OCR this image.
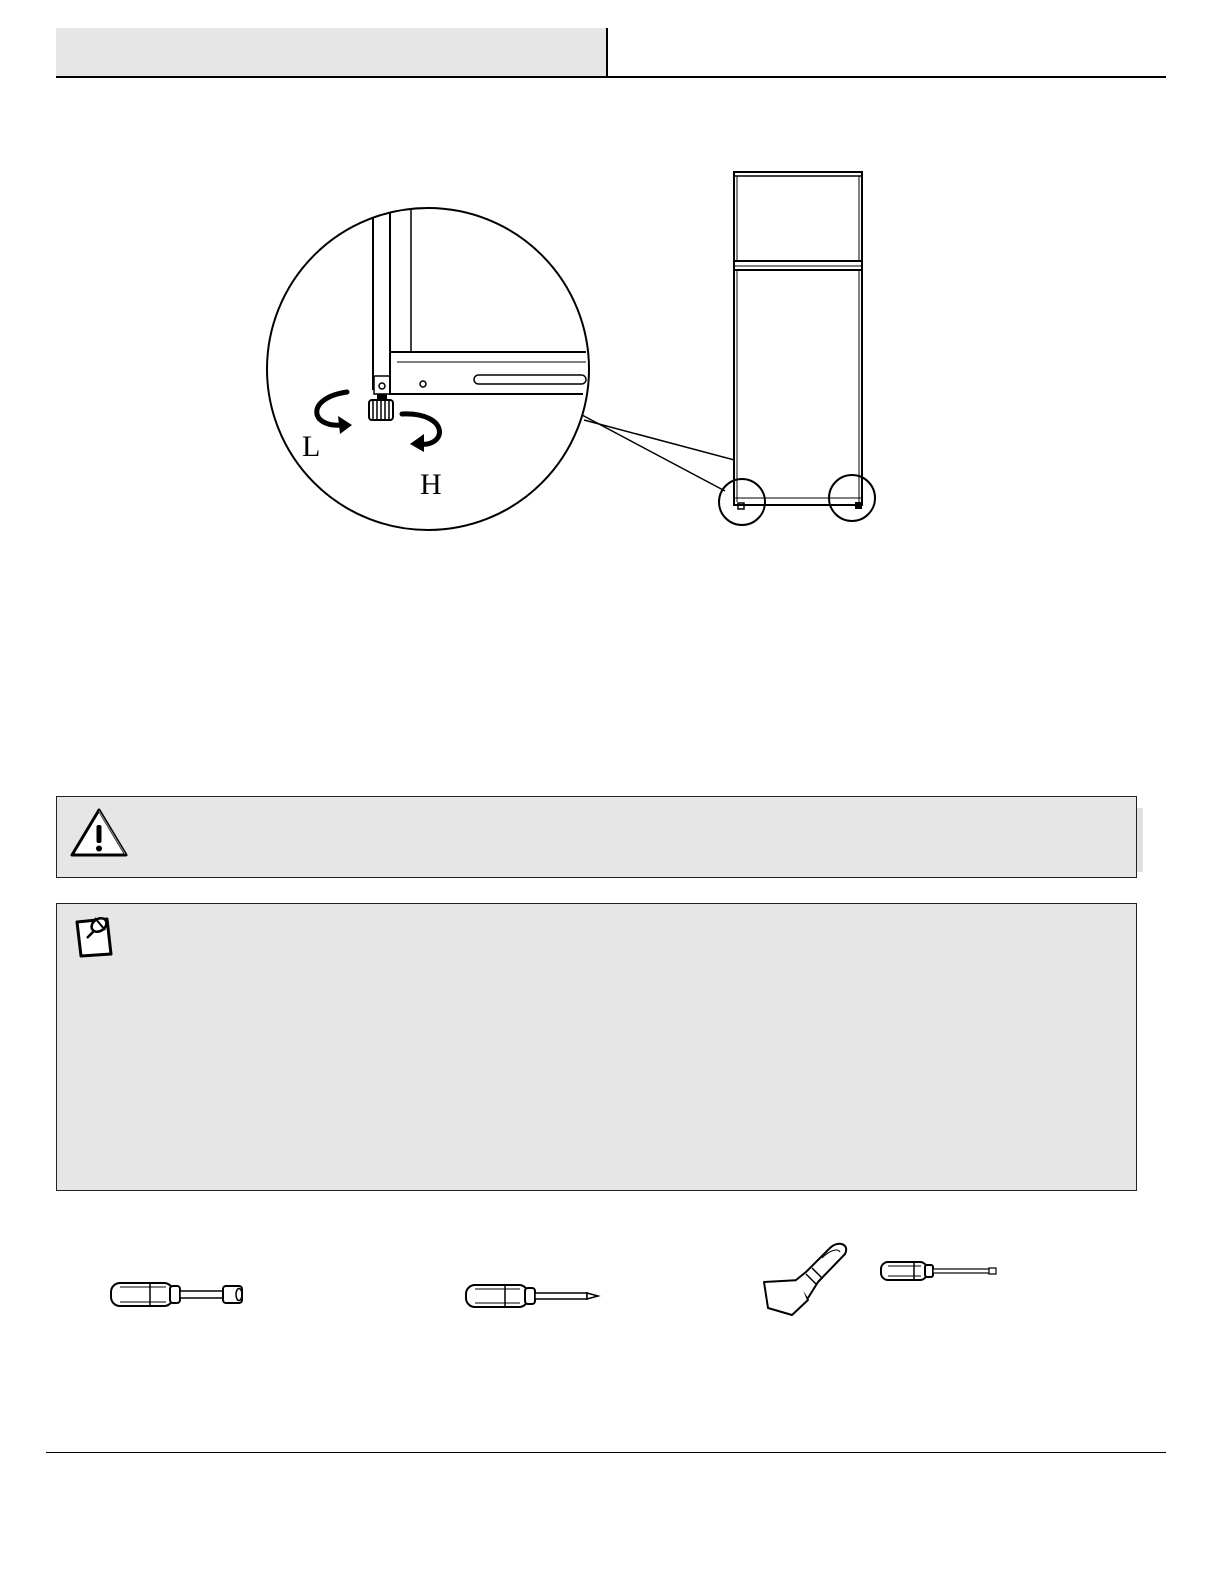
L
H
